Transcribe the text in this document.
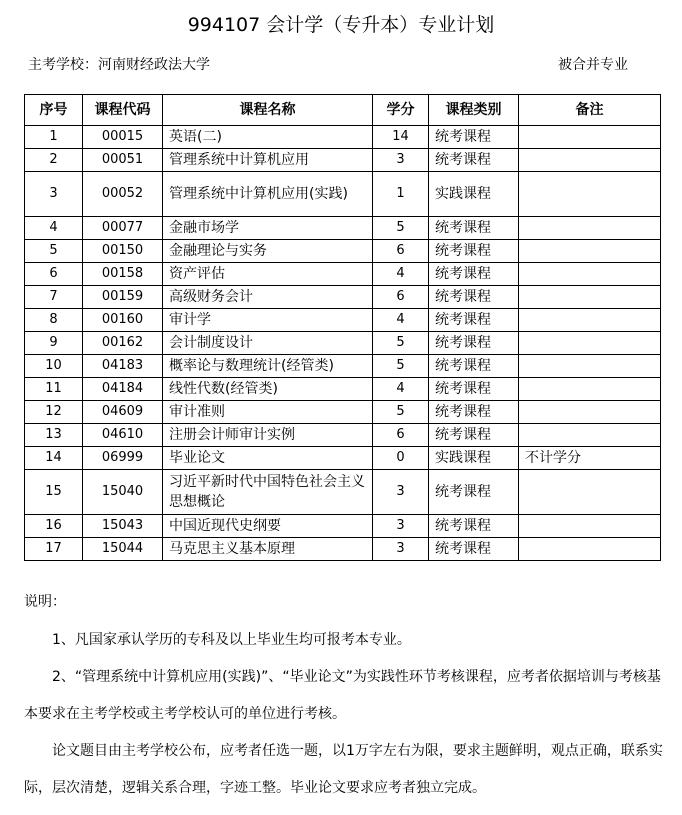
994107 会计学（专升本）专业计划
主考学校：河南财经政法大学	被合并专业
序号	课程代码	课程名称	学分	课程类别	备注
1	00015	英语(二)	14	统考课程	
2	00051	管理系统中计算机应用	3	统考课程	
3	00052	管理系统中计算机应用(实践)	1	实践课程	
4	00077	金融市场学	5	统考课程	
5	00150	金融理论与实务	6	统考课程	
6	00158	资产评估	4	统考课程	
7	00159	高级财务会计	6	统考课程	
8	00160	审计学	4	统考课程	
9	00162	会计制度设计	5	统考课程	
10	04183	概率论与数理统计(经管类)	5	统考课程	
11	04184	线性代数(经管类)	4	统考课程	
12	04609	审计准则	5	统考课程	
13	04610	注册会计师审计实例	6	统考课程	
14	06999	毕业论文	0	实践课程	不计学分
15	15040	习近平新时代中国特色社会主义思想概论	3	统考课程	
16	15043	中国近现代史纲要	3	统考课程	
17	15044	马克思主义基本原理	3	统考课程	

说明：

1、凡国家承认学历的专科及以上毕业生均可报考本专业。

2、“管理系统中计算机应用(实践)”、“毕业论文”为实践性环节考核课程，应考者依据培训与考核基本要求在主考学校或主考学校认可的单位进行考核。

论文题目由主考学校公布，应考者任选一题，以1万字左右为限，要求主题鲜明，观点正确，联系实际，层次清楚，逻辑关系合理，字迹工整。毕业论文要求应考者独立完成。
